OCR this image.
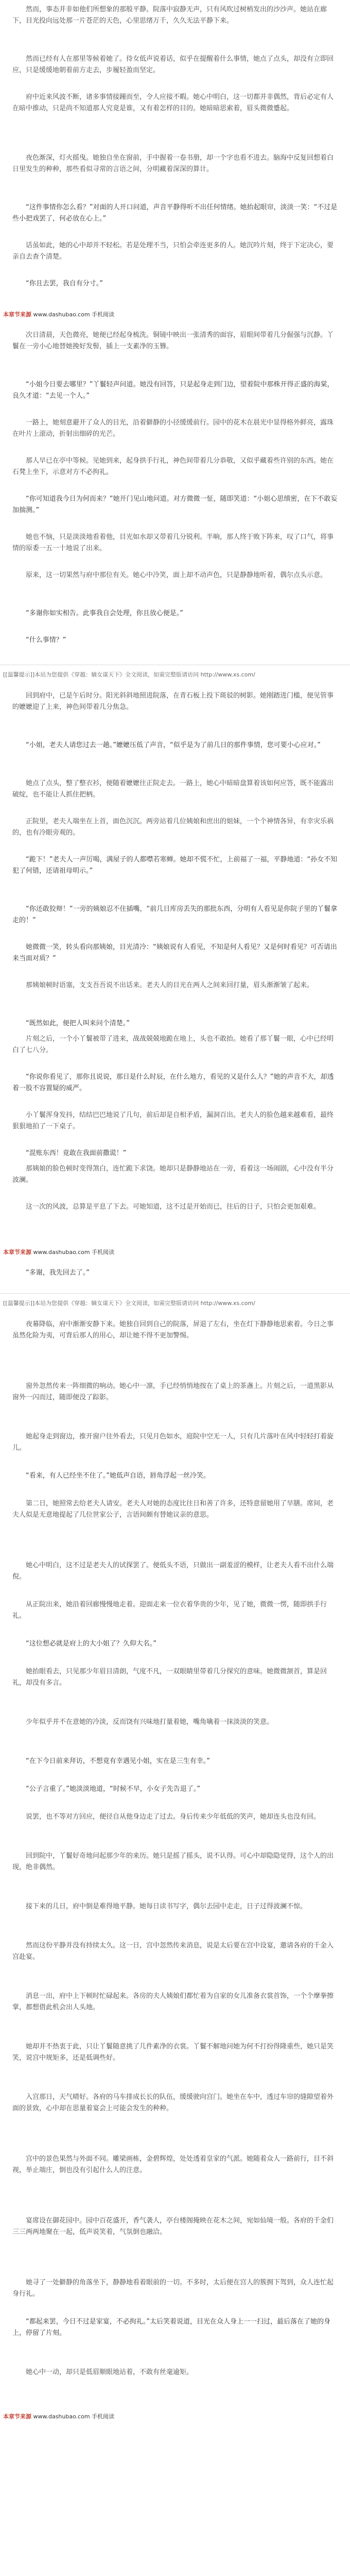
然而，事态并非如他们所想象的那般平静。院落中寂静无声，只有风吹过树梢发出的沙沙声。她站在廊下，目光投向远处那一片苍茫的天色，心里思绪万千，久久无法平静下来。
然而已经有人在那里等候着她了。侍女低声说着话，似乎在提醒着什么事情，她点了点头，却没有立即回应，只是缓缓地朝着前方走去，步履轻盈而坚定。
府中近来风波不断，诸多事情接踵而至，令人应接不暇。她心中明白，这一切都并非偶然，背后必定有人在暗中推动，只是尚不知道那人究竟是谁，又有着怎样的目的。她暗暗思索着，眉头微微蹙起。
夜色渐深，灯火摇曳。她独自坐在窗前，手中握着一卷书册，却一个字也看不进去。脑海中反复回想着白日里发生的种种，那些看似寻常的言语之间，分明藏着深深的算计。
“这件事情你怎么看？”对面的人开口问道，声音平静得听不出任何情绪。她抬起眼帘，淡淡一笑：“不过是些小把戏罢了，何必放在心上。”
话虽如此，她的心中却并不轻松。若是处理不当，只怕会牵连更多的人。她沉吟片刻，终于下定决心，要亲自去查个清楚。
“你且去罢，我自有分寸。”
本章节来源 www.dashubao.com 手机阅读
次日清晨，天色微亮，她便已经起身梳洗。铜镜中映出一张清秀的面容，眉眼间带着几分倔强与沉静。丫鬟在一旁小心地替她挽好发髻，插上一支素净的玉簪。
“小姐今日要去哪里？”丫鬟轻声问道。她没有回答，只是起身走到门边，望着院中那株开得正盛的海棠，良久才道：“去见一个人。”
一路上，她刻意避开了众人的目光，沿着僻静的小径缓缓前行。园中的花木在晨光中显得格外鲜亮，露珠在叶片上滚动，折射出细碎的光芒。
那人早已在亭中等候。见她到来，起身拱手行礼，神色间带着几分恭敬，又似乎藏着些许别的东西。她在石凳上坐下，示意对方不必拘礼。
“你可知道我今日为何而来？”她开门见山地问道。对方微微一怔，随即笑道：“小姐心思缜密，在下不敢妄加揣测。”
她也不恼，只是淡淡地看着他，目光如水却又带着几分锐利。半晌，那人终于败下阵来，叹了口气，将事情的原委一五一十地说了出来。
原来，这一切果然与府中那位有关。她心中冷笑，面上却不动声色，只是静静地听着，偶尔点头示意。
“多谢你如实相告。此事我自会处理，你且放心便是。”
“什么事情？”
[[温馨提示]]本站为您提供《穿越：嫡女谋天下》全文阅读，如需完整版请访问 http://www.xs.com/
回到府中，已是午后时分。阳光斜斜地照进院落，在青石板上投下斑驳的树影。她刚踏进门槛，便见管事的嬷嬷迎了上来，神色间带着几分焦急。
“小姐，老夫人请您过去一趟。”嬷嬷压低了声音，“似乎是为了前几日的那件事情，您可要小心应对。”
她点了点头，整了整衣衫，便随着嬷嬷往正院走去。一路上，她心中暗暗盘算着该如何应答，既不能露出破绽，也不能让人抓住把柄。
正院里，老夫人端坐在上首，面色沉沉。两旁站着几位姨娘和庶出的姐妹，一个个神情各异，有幸灾乐祸的，也有冷眼旁观的。
“跪下！”老夫人一声厉喝，满屋子的人都噤若寒蝉。她却不慌不忙，上前福了一福，平静地道：“孙女不知犯了何错，还请祖母明示。”
“你还敢狡辩！”一旁的姨娘忍不住插嘴，“前几日库房丢失的那批东西，分明有人看见是你院子里的丫鬟拿走的！”
她微微一笑，转头看向那姨娘，目光清冷：“姨娘说有人看见，不知是何人看见？又是何时看见？可否请出来当面对质？”
那姨娘顿时语塞，支支吾吾说不出话来。老夫人的目光在两人之间来回打量，眉头渐渐皱了起来。
“既然如此，便把人叫来问个清楚。”
片刻之后，一个小丫鬟被带了进来，战战兢兢地跪在地上，头也不敢抬。她看了那丫鬟一眼，心中已经明白了七八分。
“你说你看见了，那你且说说，那日是什么时辰，在什么地方，看见的又是什么人？”她的声音不大，却透着一股不容置疑的威严。
小丫鬟浑身发抖，结结巴巴地说了几句，前后却是自相矛盾，漏洞百出。老夫人的脸色越来越难看，最终狠狠地拍了一下桌子。
“混账东西！竟敢在我面前撒谎！”
那姨娘的脸色顿时变得煞白，连忙跪下求饶。她却只是静静地站在一旁，看着这一场闹剧，心中没有半分波澜。
这一次的风波，总算是平息了下去。可她知道，这不过是开始而已，往后的日子，只怕会更加艰难。
本章节来源 www.dashubao.com 手机阅读
“多谢，我先回去了。”
[[温馨提示]]本站为您提供《穿越：嫡女谋天下》全文阅读，如需完整版请访问 http://www.xs.com/
夜幕降临，府中渐渐安静下来。她独自回到自己的院落，屏退了左右，坐在灯下静静地思索着。今日之事虽然化险为夷，可背后那人的用心，却让她不得不更加警惕。
窗外忽然传来一阵细微的响动。她心中一凛，手已经悄悄地按在了桌上的茶盏上。片刻之后，一道黑影从窗外一闪而过，随即便没了踪影。
她起身走到窗边，推开窗户往外看去，只见月色如水，庭院中空无一人，只有几片落叶在风中轻轻打着旋儿。
“看来，有人已经坐不住了。”她低声自语，唇角浮起一丝冷笑。
第二日，她照常去给老夫人请安。老夫人对她的态度比往日和善了许多，还特意留她用了早膳。席间，老夫人似是无意地提起了几位世家公子，言语间颇有替她议亲的意思。
她心中明白，这不过是老夫人的试探罢了。便低头不语，只做出一副羞涩的模样，让老夫人看不出什么端倪。
从正院出来，她沿着回廊慢慢地走着。迎面走来一位衣着华贵的少年，见了她，微微一愣，随即拱手行礼。
“这位想必就是府上的大小姐了？久仰大名。”
她抬眼看去，只见那少年眉目清朗，气度不凡，一双眼睛里带着几分探究的意味。她微微颔首，算是回礼，却没有多言。
少年似乎并不在意她的冷淡，反而饶有兴味地打量着她，嘴角噙着一抹淡淡的笑意。
“在下今日前来拜访，不想竟有幸遇见小姐，实在是三生有幸。”
“公子言重了。”她淡淡地道，“时候不早，小女子先告退了。”
说罢，也不等对方回应，便径自从他身边走了过去。身后传来少年低低的笑声，她却连头也没有回。
回到院中，丫鬟好奇地问起那少年的来历。她只是摇了摇头，说不认得。可心中却隐隐觉得，这个人的出现，绝非偶然。
接下来的几日，府中倒是难得地平静。她每日读书写字，偶尔去园中走走，日子过得波澜不惊。
然而这份平静并没有持续太久。这一日，宫中忽然传来消息，说是太后要在宫中设宴，邀请各府的千金入宫赴宴。
消息一出，府中上下顿时忙碌起来。各房的夫人姨娘们都忙着为自家的女儿准备衣裳首饰，一个个摩拳擦掌，都想借此机会出人头地。
她却并不热衷于此，只让丫鬟随意挑了几件素净的衣裳。丫鬟不解地问她为何不打扮得隆重些，她只是笑笑，说宫中规矩多，还是低调些好。
入宫那日，天气晴好。各府的马车排成长长的队伍，缓缓驶向宫门。她坐在车中，透过车帘的缝隙望着外面的景致，心中却在思量着宴会上可能会发生的种种。
宫中的景色果然与外面不同。雕梁画栋，金碧辉煌，处处透着皇家的气派。她随着众人一路前行，目不斜视，举止端庄，倒也没有引起什么人的注意。
宴席设在御花园中。园中百花盛开，香气袭人，亭台楼阁掩映在花木之间，宛如仙境一般。各府的千金们三三两两地聚在一起，低声说笑着，气氛倒也融洽。
她寻了一处僻静的角落坐下，静静地看着眼前的一切。不多时，太后便在宫人的簇拥下驾到，众人连忙起身行礼。
“都起来罢，今日不过是家宴，不必拘礼。”太后笑着说道，目光在众人身上一一扫过，最后落在了她的身上，停留了片刻。
她心中一动，却只是低眉顺眼地站着，不敢有丝毫逾矩。
本章节来源 www.dashubao.com 手机阅读
